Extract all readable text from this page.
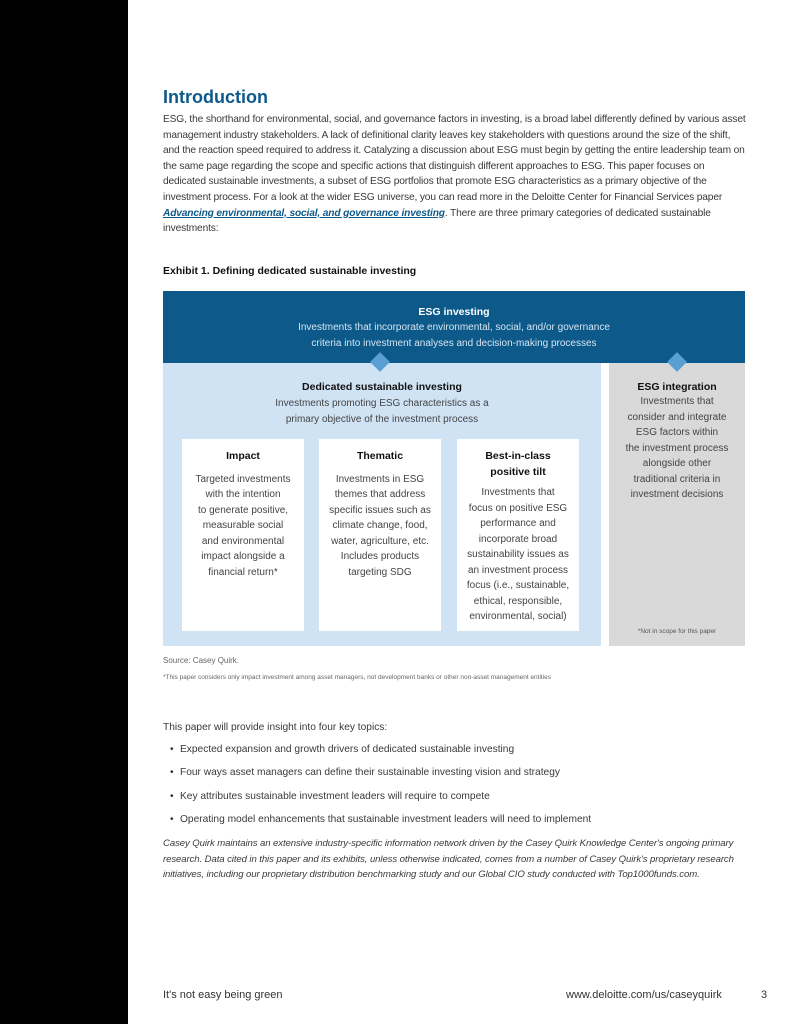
Introduction

ESG, the shorthand for environmental, social, and governance factors in investing, is a broad label differently defined by various asset management industry stakeholders. A lack of definitional clarity leaves key stakeholders with questions around the size of the shift, and the reaction speed required to address it. Catalyzing a discussion about ESG must begin by getting the entire leadership team on the same page regarding the scope and specific actions that distinguish different approaches to ESG. This paper focuses on dedicated sustainable investments, a subset of ESG portfolios that promote ESG characteristics as a primary objective of the investment process. For a look at the wider ESG universe, you can read more in the Deloitte Center for Financial Services paper Advancing environmental, social, and governance investing. There are three primary categories of dedicated sustainable investments:

Exhibit 1. Defining dedicated sustainable investing
ESG investing
Investments that incorporate environmental, social, and/or governance
criteria into investment analyses and decision-making processes
ESG integration
Investments that
consider and integrate
ESG factors within
the investment process
alongside other
traditional criteria in
investment decisions
*Not in scope for this paper
Dedicated sustainable investing
Investments promoting ESG characteristics as a
primary objective of the investment process
Impact
Targeted investments
with the intention
to generate positive,
measurable social
and environmental
impact alongside a
financial return*
Thematic
Investments in ESG
themes that address
specific issues such as
climate change, food,
water, agriculture, etc.
Includes products
targeting SDG
Best-in-class
positive tilt
Investments that
focus on positive ESG
performance and
incorporate broad
sustainability issues as
an investment process
focus (i.e., sustainable,
ethical, responsible,
environmental, social)
Source: Casey Quirk.
*This paper considers only impact investment among asset managers, not development banks or other non-asset management entities
This paper will provide insight into four key topics:
• Expected expansion and growth drivers of dedicated sustainable investing
• Four ways asset managers can define their sustainable investing vision and strategy
• Key attributes sustainable investment leaders will require to compete
• Operating model enhancements that sustainable investment leaders will need to implement

Casey Quirk maintains an extensive industry-specific information network driven by the Casey Quirk Knowledge Center's ongoing primary research. Data cited in this paper and its exhibits, unless otherwise indicated, comes from a number of Casey Quirk's proprietary research initiatives, including our proprietary distribution benchmarking study and our Global CIO study conducted with Top1000funds.com.

It's not easy being green	www.deloitte.com/us/caseyquirk	3
